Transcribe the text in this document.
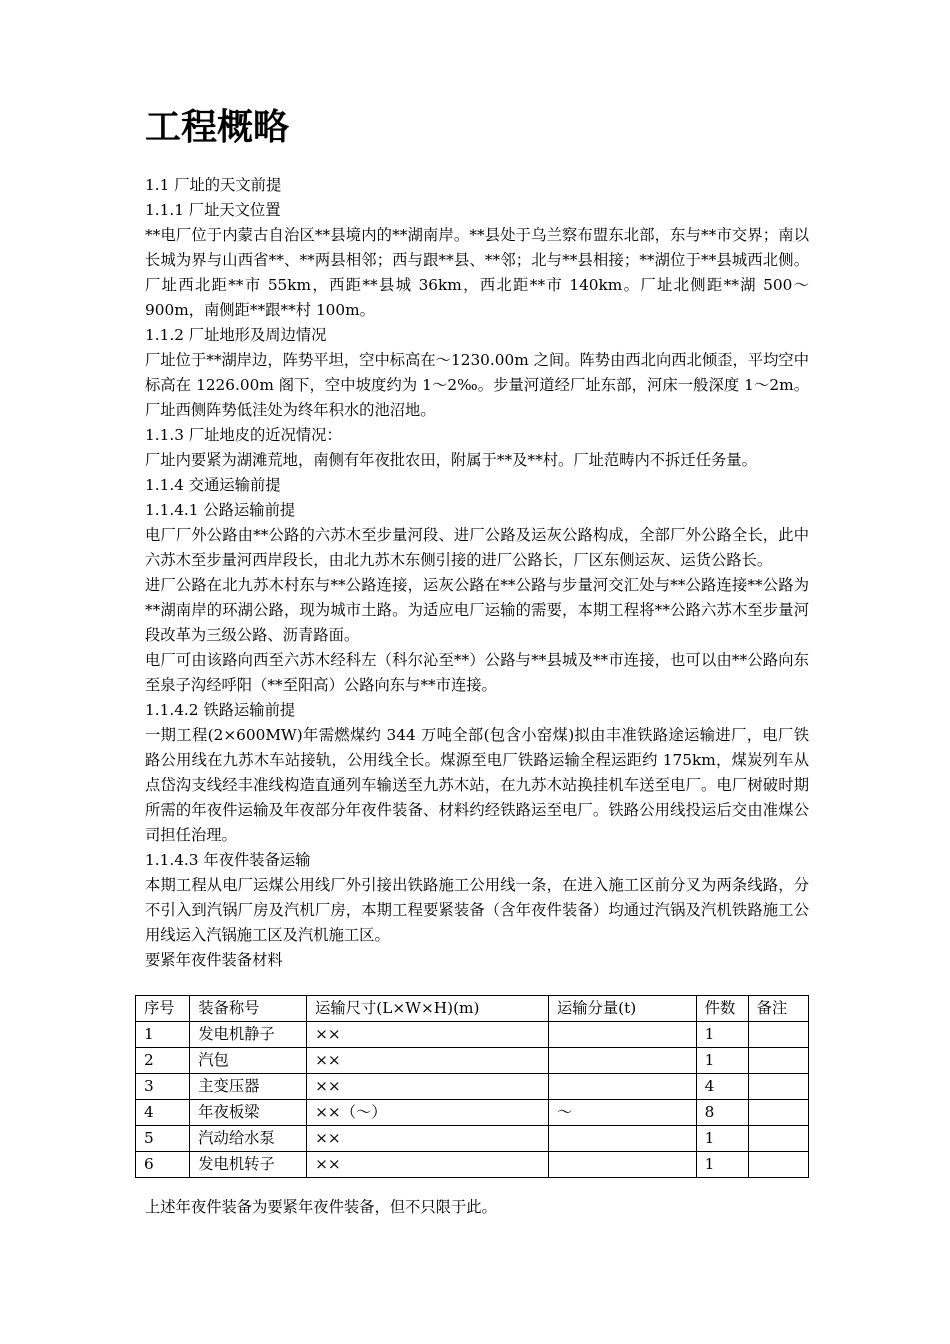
工程概略

1.1 厂址的天文前提

1.1.1 厂址天文位置

**电厂位于内蒙古自治区**县境内的**湖南岸。**县处于乌兰察布盟东北部，东与**市交界；南以长城为界与山西省**、**两县相邻；西与跟**县、**邻；北与**县相接；**湖位于**县城西北侧。厂址西北距**市 55km，西距**县城 36km，西北距**市 140km。厂址北侧距**湖 500～900m，南侧距**跟**村 100m。

1.1.2 厂址地形及周边情况

厂址位于**湖岸边，阵势平坦，空中标高在～1230.00m 之间。阵势由西北向西北倾歪，平均空中标高在 1226.00m 阁下，空中坡度约为 1～2‰。步量河道经厂址东部，河床一般深度 1～2m。厂址西侧阵势低洼处为终年积水的池沼地。

1.1.3 厂址地皮的近况情况：

厂址内要紧为湖滩荒地，南侧有年夜批农田，附属于**及**村。厂址范畴内不拆迁任务量。

1.1.4 交通运输前提

1.1.4.1 公路运输前提

电厂厂外公路由**公路的六苏木至步量河段、进厂公路及运灰公路构成，全部厂外公路全长，此中六苏木至步量河西岸段长，由北九苏木东侧引接的进厂公路长，厂区东侧运灰、运货公路长。

进厂公路在北九苏木村东与**公路连接，运灰公路在**公路与步量河交汇处与**公路连接**公路为**湖南岸的环湖公路，现为城市土路。为适应电厂运输的需要，本期工程将**公路六苏木至步量河段改革为三级公路、沥青路面。

电厂可由该路向西至六苏木经科左（科尔沁至**）公路与**县城及**市连接，也可以由**公路向东至泉子沟经呼阳（**至阳高）公路向东与**市连接。

1.1.4.2 铁路运输前提

一期工程(2×600MW)年需燃煤约 344 万吨全部(包含小窑煤)拟由丰准铁路途运输进厂，电厂铁路公用线在九苏木车站接轨，公用线全长。煤源至电厂铁路运输全程运距约 175km，煤炭列车从点岱沟支线经丰准线构造直通列车输送至九苏木站，在九苏木站换挂机车送至电厂。电厂树破时期所需的年夜件运输及年夜部分年夜件装备、材料约经铁路运至电厂。铁路公用线投运后交由准煤公司担任治理。

1.1.4.3 年夜件装备运输

本期工程从电厂运煤公用线厂外引接出铁路施工公用线一条，在进入施工区前分叉为两条线路，分不引入到汽锅厂房及汽机厂房，本期工程要紧装备（含年夜件装备）均通过汽锅及汽机铁路施工公用线运入汽锅施工区及汽机施工区。

要紧年夜件装备材料

序号	装备称号	运输尺寸(L×W×H)(m)	运输分量(t)	件数	备注
1	发电机静子	××		1	
2	汽包	××		1	
3	主变压器	××		4	
4	年夜板梁	××（～）	～	8	
5	汽动给水泵	××		1	
6	发电机转子	××		1	

上述年夜件装备为要紧年夜件装备，但不只限于此。
